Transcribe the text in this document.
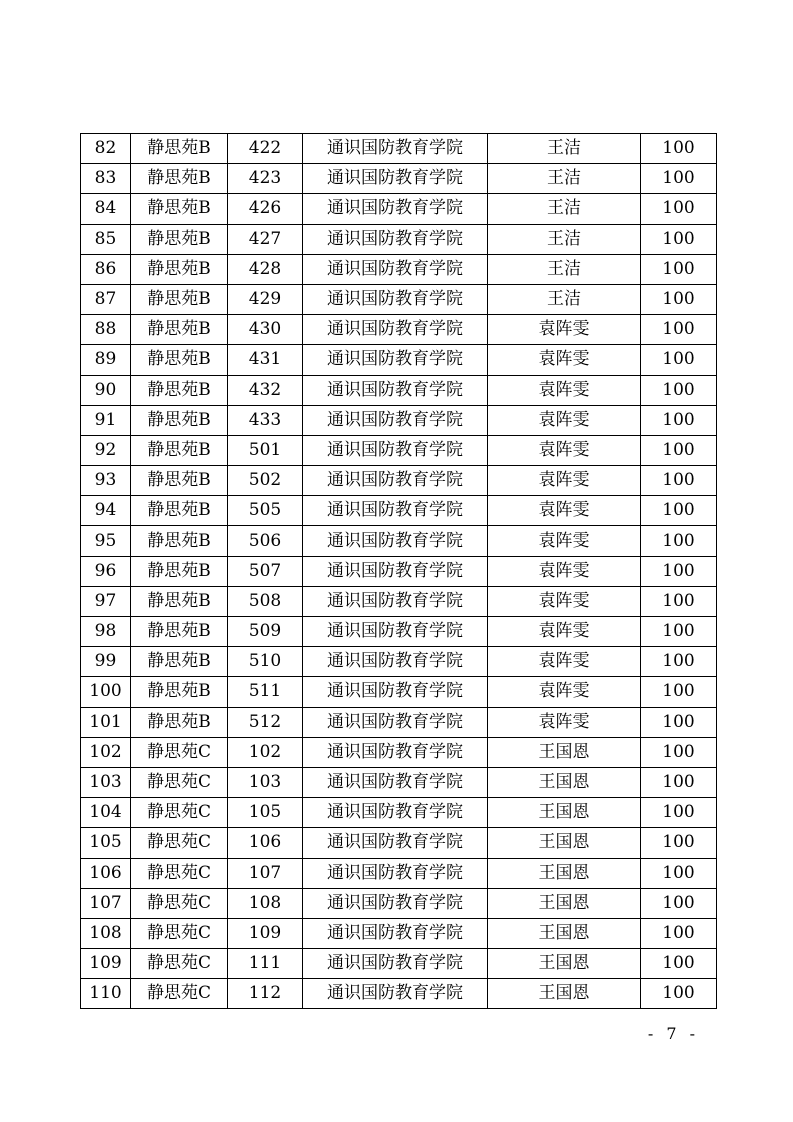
82	静思苑B	422	通识国防教育学院	王洁	100
83	静思苑B	423	通识国防教育学院	王洁	100
84	静思苑B	426	通识国防教育学院	王洁	100
85	静思苑B	427	通识国防教育学院	王洁	100
86	静思苑B	428	通识国防教育学院	王洁	100
87	静思苑B	429	通识国防教育学院	王洁	100
88	静思苑B	430	通识国防教育学院	袁阵雯	100
89	静思苑B	431	通识国防教育学院	袁阵雯	100
90	静思苑B	432	通识国防教育学院	袁阵雯	100
91	静思苑B	433	通识国防教育学院	袁阵雯	100
92	静思苑B	501	通识国防教育学院	袁阵雯	100
93	静思苑B	502	通识国防教育学院	袁阵雯	100
94	静思苑B	505	通识国防教育学院	袁阵雯	100
95	静思苑B	506	通识国防教育学院	袁阵雯	100
96	静思苑B	507	通识国防教育学院	袁阵雯	100
97	静思苑B	508	通识国防教育学院	袁阵雯	100
98	静思苑B	509	通识国防教育学院	袁阵雯	100
99	静思苑B	510	通识国防教育学院	袁阵雯	100
100	静思苑B	511	通识国防教育学院	袁阵雯	100
101	静思苑B	512	通识国防教育学院	袁阵雯	100
102	静思苑C	102	通识国防教育学院	王国恩	100
103	静思苑C	103	通识国防教育学院	王国恩	100
104	静思苑C	105	通识国防教育学院	王国恩	100
105	静思苑C	106	通识国防教育学院	王国恩	100
106	静思苑C	107	通识国防教育学院	王国恩	100
107	静思苑C	108	通识国防教育学院	王国恩	100
108	静思苑C	109	通识国防教育学院	王国恩	100
109	静思苑C	111	通识国防教育学院	王国恩	100
110	静思苑C	112	通识国防教育学院	王国恩	100
- 7 -
